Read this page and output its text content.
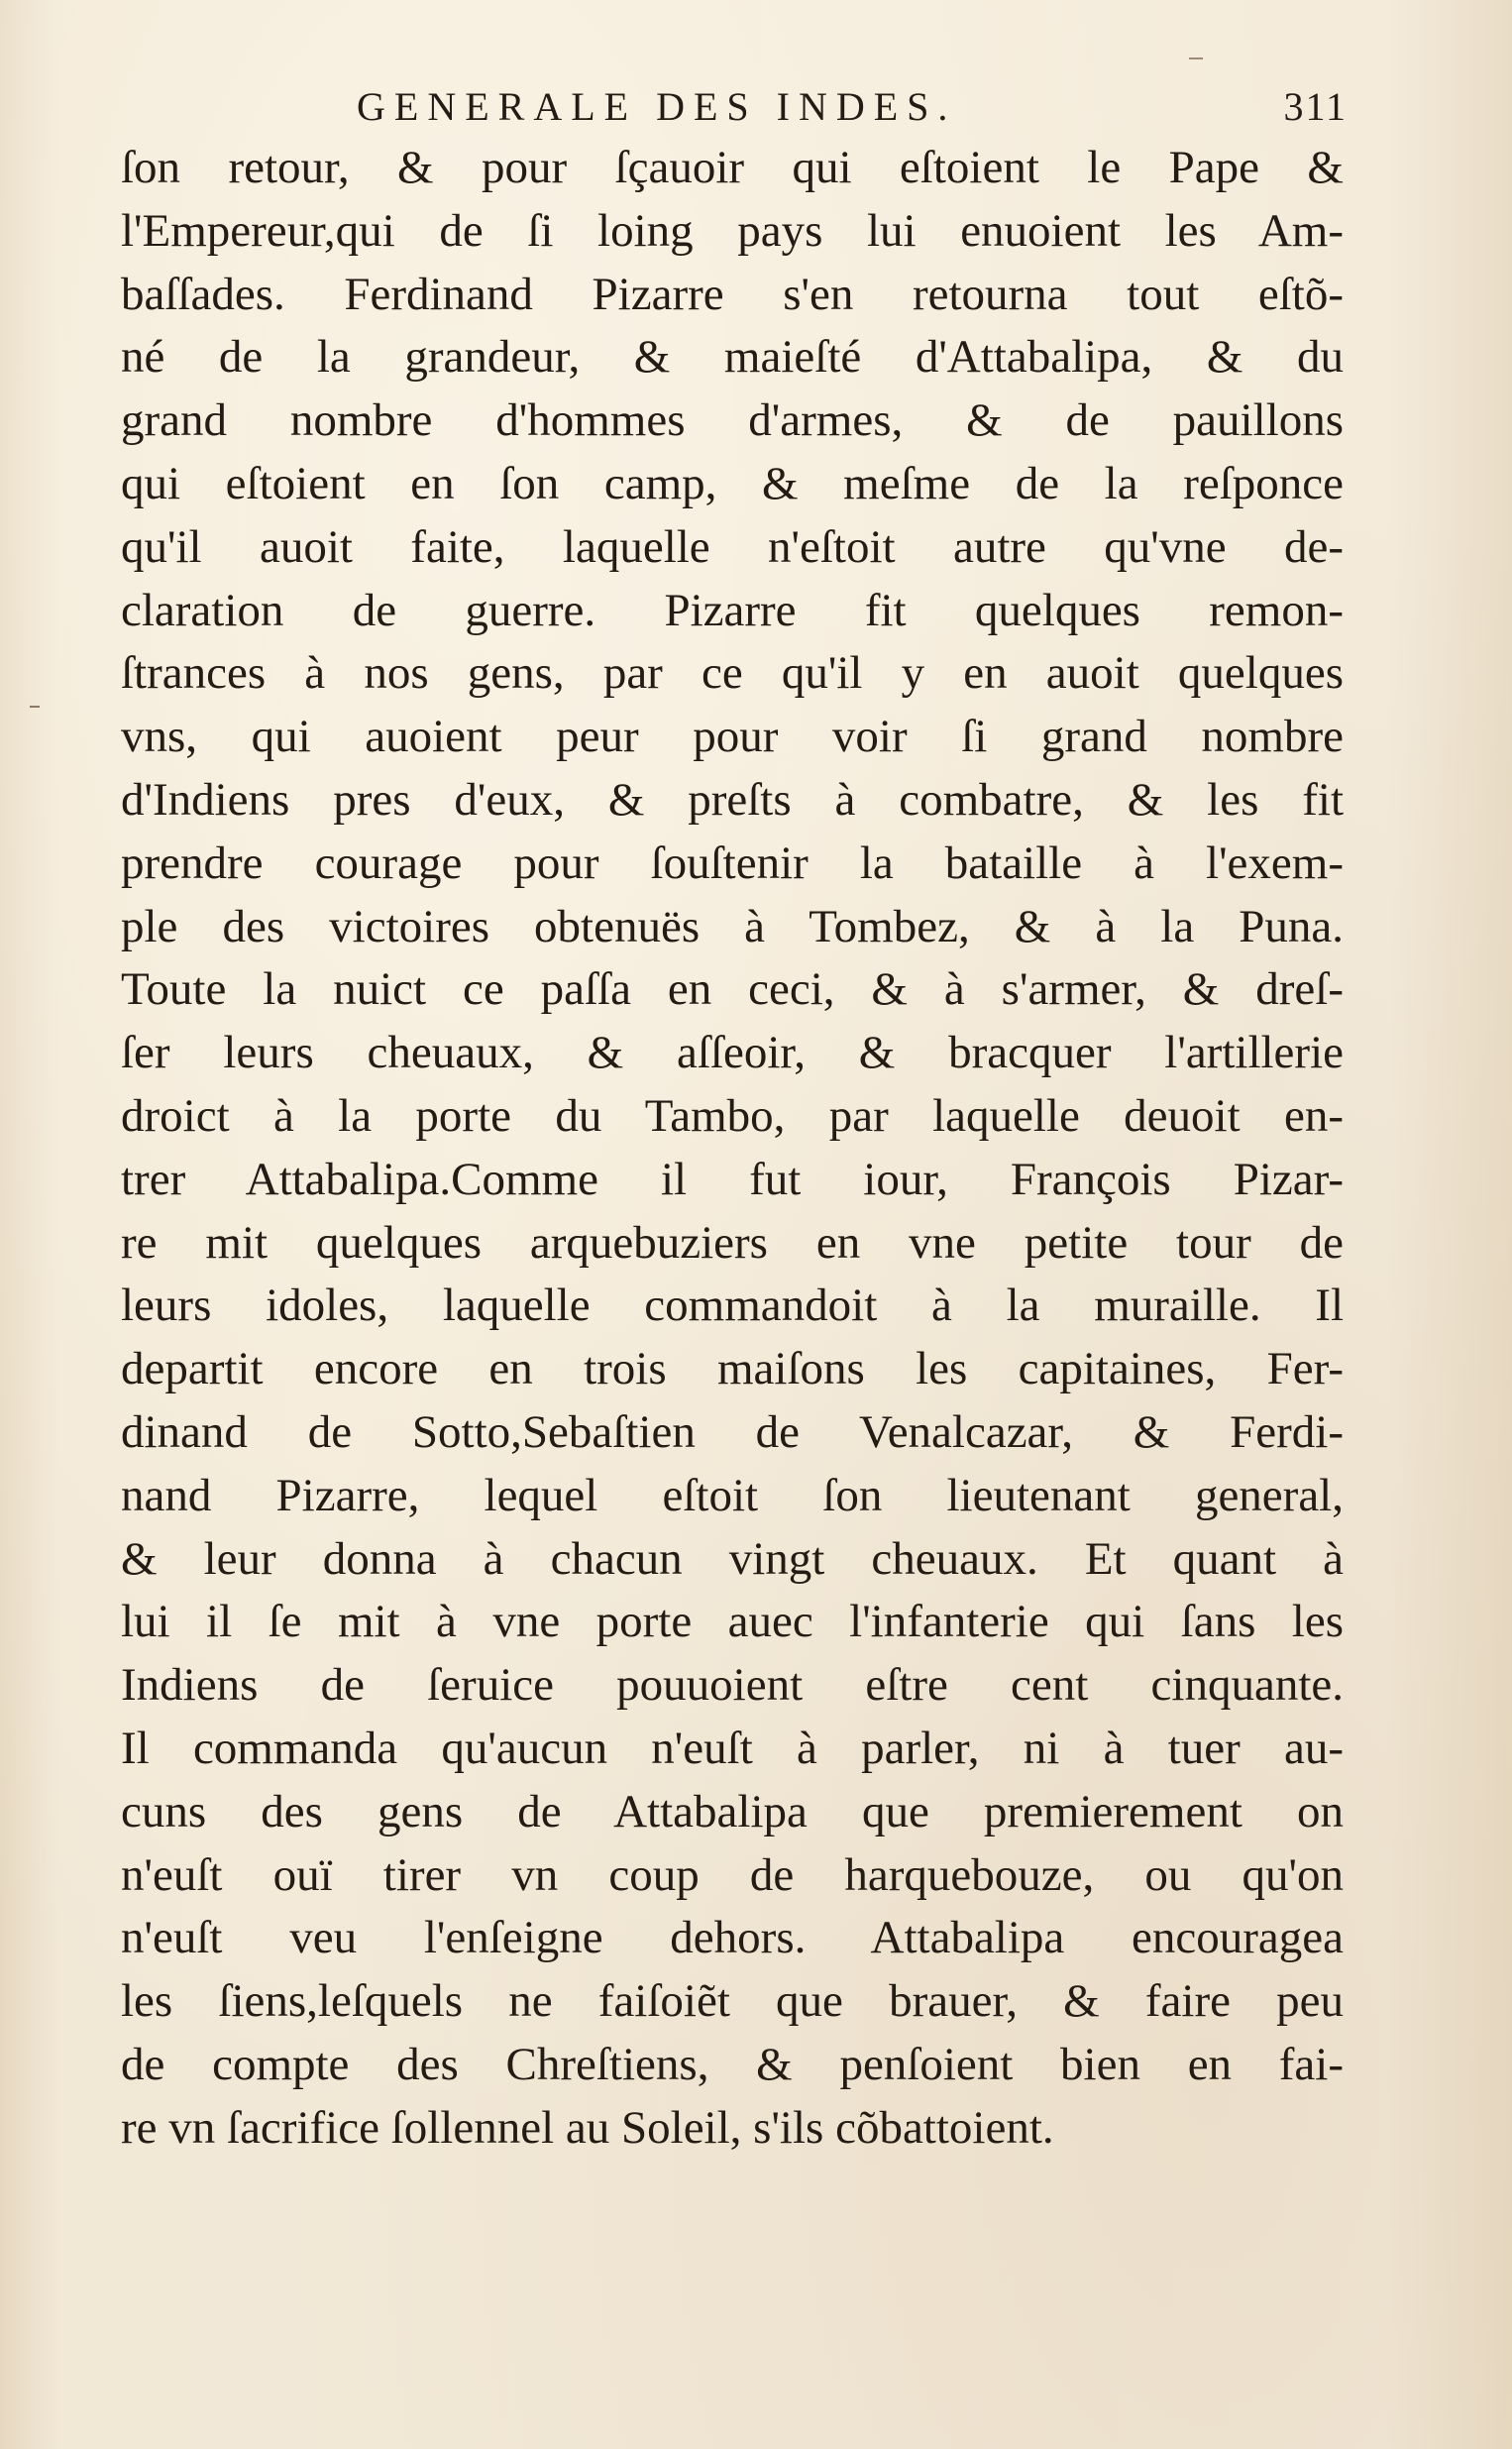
GENERALE DES INDES.	311
ſon retour, & pour ſçauoir qui eſtoient le Pape &
l'Empereur,qui de ſi loing pays lui enuoient les Am-
baſſades. Ferdinand Pizarre s'en retourna tout eſtõ-
né de la grandeur, & maieſté d'Attabalipa, & du
grand nombre d'hommes d'armes, & de pauillons
qui eſtoient en ſon camp, & meſme de la reſponce
qu'il auoit faite, laquelle n'eſtoit autre qu'vne de-
claration de guerre. Pizarre fit quelques remon-
ſtrances à nos gens, par ce qu'il y en auoit quelques
vns, qui auoient peur pour voir ſi grand nombre
d'Indiens pres d'eux, & preſts à combatre, & les fit
prendre courage pour ſouſtenir la bataille à l'exem-
ple des victoires obtenuës à Tombez, & à la Puna.
Toute la nuict ce paſſa en ceci, & à s'armer, & dreſ-
ſer leurs cheuaux, & aſſeoir, & bracquer l'artillerie
droict à la porte du Tambo, par laquelle deuoit en-
trer Attabalipa.Comme il fut iour, François Pizar-
re mit quelques arquebuziers en vne petite tour de
leurs idoles, laquelle commandoit à la muraille. Il
departit encore en trois maiſons les capitaines, Fer-
dinand de Sotto,Sebaſtien de Venalcazar, & Ferdi-
nand Pizarre, lequel eſtoit ſon lieutenant general,
& leur donna à chacun vingt cheuaux. Et quant à
lui il ſe mit à vne porte auec l'infanterie qui ſans les
Indiens de ſeruice pouuoient eſtre cent cinquante.
Il commanda qu'aucun n'euſt à parler, ni à tuer au-
cuns des gens de Attabalipa que premierement on
n'euſt ouï tirer vn coup de harquebouze, ou qu'on
n'euſt veu l'enſeigne dehors. Attabalipa encouragea
les ſiens,leſquels ne faiſoiẽt que brauer, & faire peu
de compte des Chreſtiens, & penſoient bien en fai-
re vn ſacrifice ſollennel au Soleil, s'ils cõbattoient.
